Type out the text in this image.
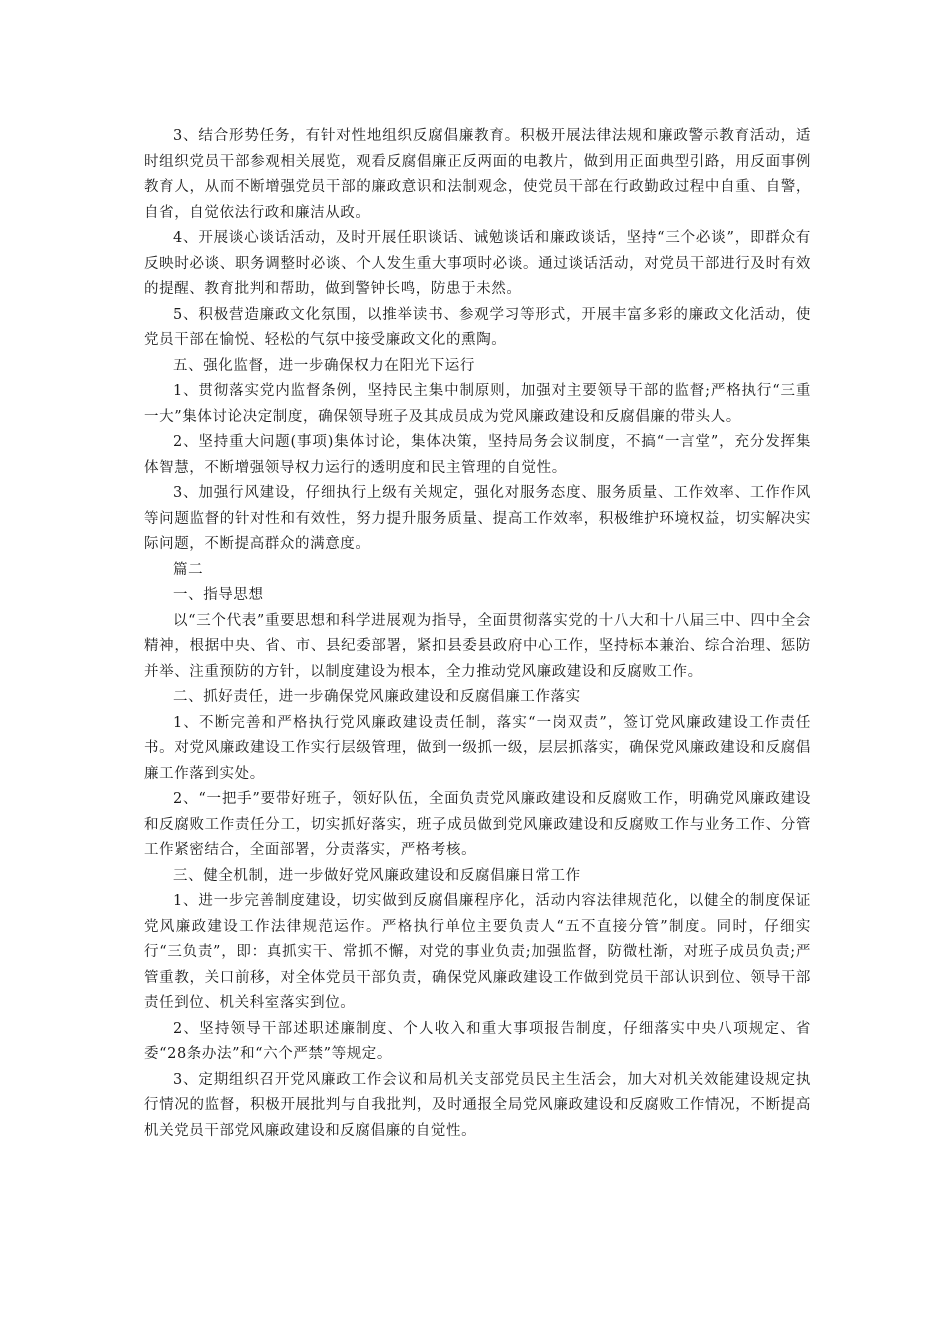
3、结合形势任务，有针对性地组织反腐倡廉教育。积极开展法律法规和廉政警示教育活动，适时组织党员干部参观相关展览，观看反腐倡廉正反两面的电教片，做到用正面典型引路，用反面事例教育人，从而不断增强党员干部的廉政意识和法制观念，使党员干部在行政勤政过程中自重、自警，自省，自觉依法行政和廉洁从政。

4、开展谈心谈话活动，及时开展任职谈话、诫勉谈话和廉政谈话，坚持“三个必谈”，即群众有反映时必谈、职务调整时必谈、个人发生重大事项时必谈。通过谈话活动，对党员干部进行及时有效的提醒、教育批判和帮助，做到警钟长鸣，防患于未然。

5、积极营造廉政文化氛围，以推举读书、参观学习等形式，开展丰富多彩的廉政文化活动，使党员干部在愉悦、轻松的气氛中接受廉政文化的熏陶。

五、强化监督，进一步确保权力在阳光下运行

1、贯彻落实党内监督条例，坚持民主集中制原则，加强对主要领导干部的监督;严格执行“三重一大”集体讨论决定制度，确保领导班子及其成员成为党风廉政建设和反腐倡廉的带头人。

2、坚持重大问题(事项)集体讨论，集体决策，坚持局务会议制度，不搞“一言堂”，充分发挥集体智慧，不断增强领导权力运行的透明度和民主管理的自觉性。

3、加强行风建设，仔细执行上级有关规定，强化对服务态度、服务质量、工作效率、工作作风等问题监督的针对性和有效性，努力提升服务质量、提高工作效率，积极维护环境权益，切实解决实际问题，不断提高群众的满意度。

篇二

一、指导思想

以“三个代表”重要思想和科学进展观为指导，全面贯彻落实党的十八大和十八届三中、四中全会精神，根据中央、省、市、县纪委部署，紧扣县委县政府中心工作，坚持标本兼治、综合治理、惩防并举、注重预防的方针，以制度建设为根本，全力推动党风廉政建设和反腐败工作。

二、抓好责任，进一步确保党风廉政建设和反腐倡廉工作落实

1、不断完善和严格执行党风廉政建设责任制，落实“一岗双责”，签订党风廉政建设工作责任书。对党风廉政建设工作实行层级管理，做到一级抓一级，层层抓落实，确保党风廉政建设和反腐倡廉工作落到实处。

2、“一把手”要带好班子，领好队伍，全面负责党风廉政建设和反腐败工作，明确党风廉政建设和反腐败工作责任分工，切实抓好落实，班子成员做到党风廉政建设和反腐败工作与业务工作、分管工作紧密结合，全面部署，分责落实，严格考核。

三、健全机制，进一步做好党风廉政建设和反腐倡廉日常工作

1、进一步完善制度建设，切实做到反腐倡廉程序化，活动内容法律规范化，以健全的制度保证党风廉政建设工作法律规范运作。严格执行单位主要负责人“五不直接分管”制度。同时，仔细实行“三负责”，即：真抓实干、常抓不懈，对党的事业负责;加强监督，防微杜渐，对班子成员负责;严管重教，关口前移，对全体党员干部负责，确保党风廉政建设工作做到党员干部认识到位、领导干部责任到位、机关科室落实到位。

2、坚持领导干部述职述廉制度、个人收入和重大事项报告制度，仔细落实中央八项规定、省委“28条办法”和“六个严禁”等规定。

3、定期组织召开党风廉政工作会议和局机关支部党员民主生活会，加大对机关效能建设规定执行情况的监督，积极开展批判与自我批判，及时通报全局党风廉政建设和反腐败工作情况，不断提高机关党员干部党风廉政建设和反腐倡廉的自觉性。
